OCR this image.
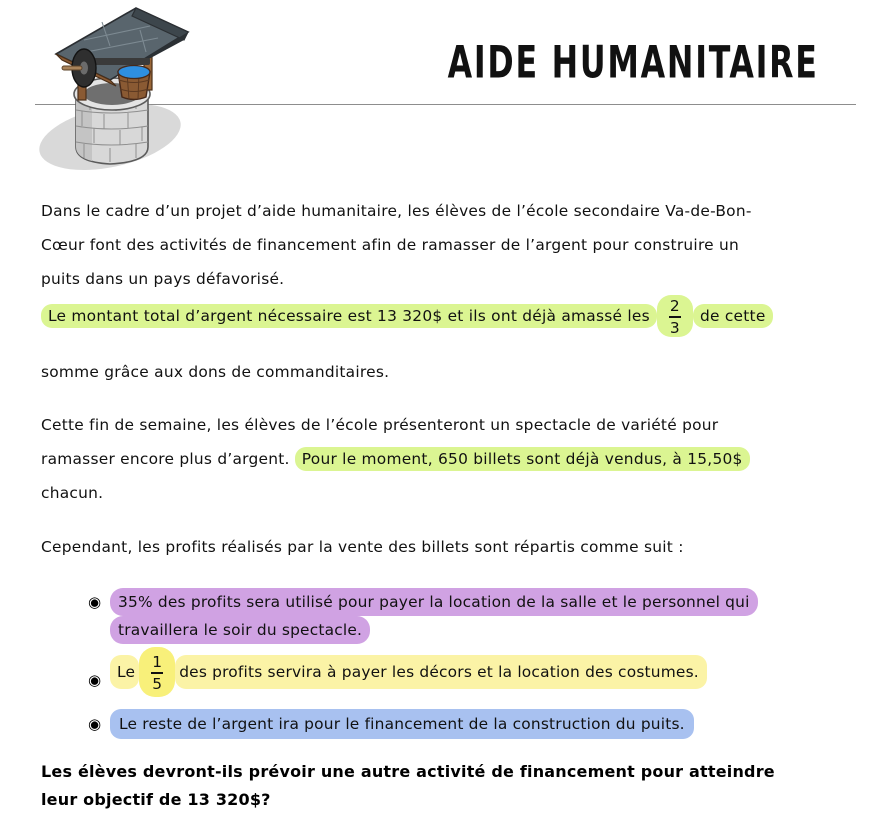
AIDE HUMANITAIRE
Dans le cadre d’un projet d’aide humanitaire, les élèves de l’école secondaire Va-de-Bon-
Cœur font des activités de financement afin de ramasser de l’argent pour construire un
puits dans un pays défavorisé.
Le montant total d’argent nécessaire est 13 320$ et ils ont déjà amassé les $\frac{2}{3}$ de cette
somme grâce aux dons de commanditaires.
Cette fin de semaine, les élèves de l’école présenteront un spectacle de variété pour
ramasser encore plus d’argent. Pour le moment, 650 billets sont déjà vendus, à 15,50$
chacun.
Cependant, les profits réalisés par la vente des billets sont répartis comme suit :
◉	35% des profits sera utilisé pour payer la location de la salle et le personnel qui
travaillera le soir du spectacle.
◉	Le $\frac{1}{5}$ des profits servira à payer les décors et la location des costumes.
◉	Le reste de l’argent ira pour le financement de la construction du puits.
Les élèves devront-ils prévoir une autre activité de financement pour atteindre
leur objectif de 13 320$?
